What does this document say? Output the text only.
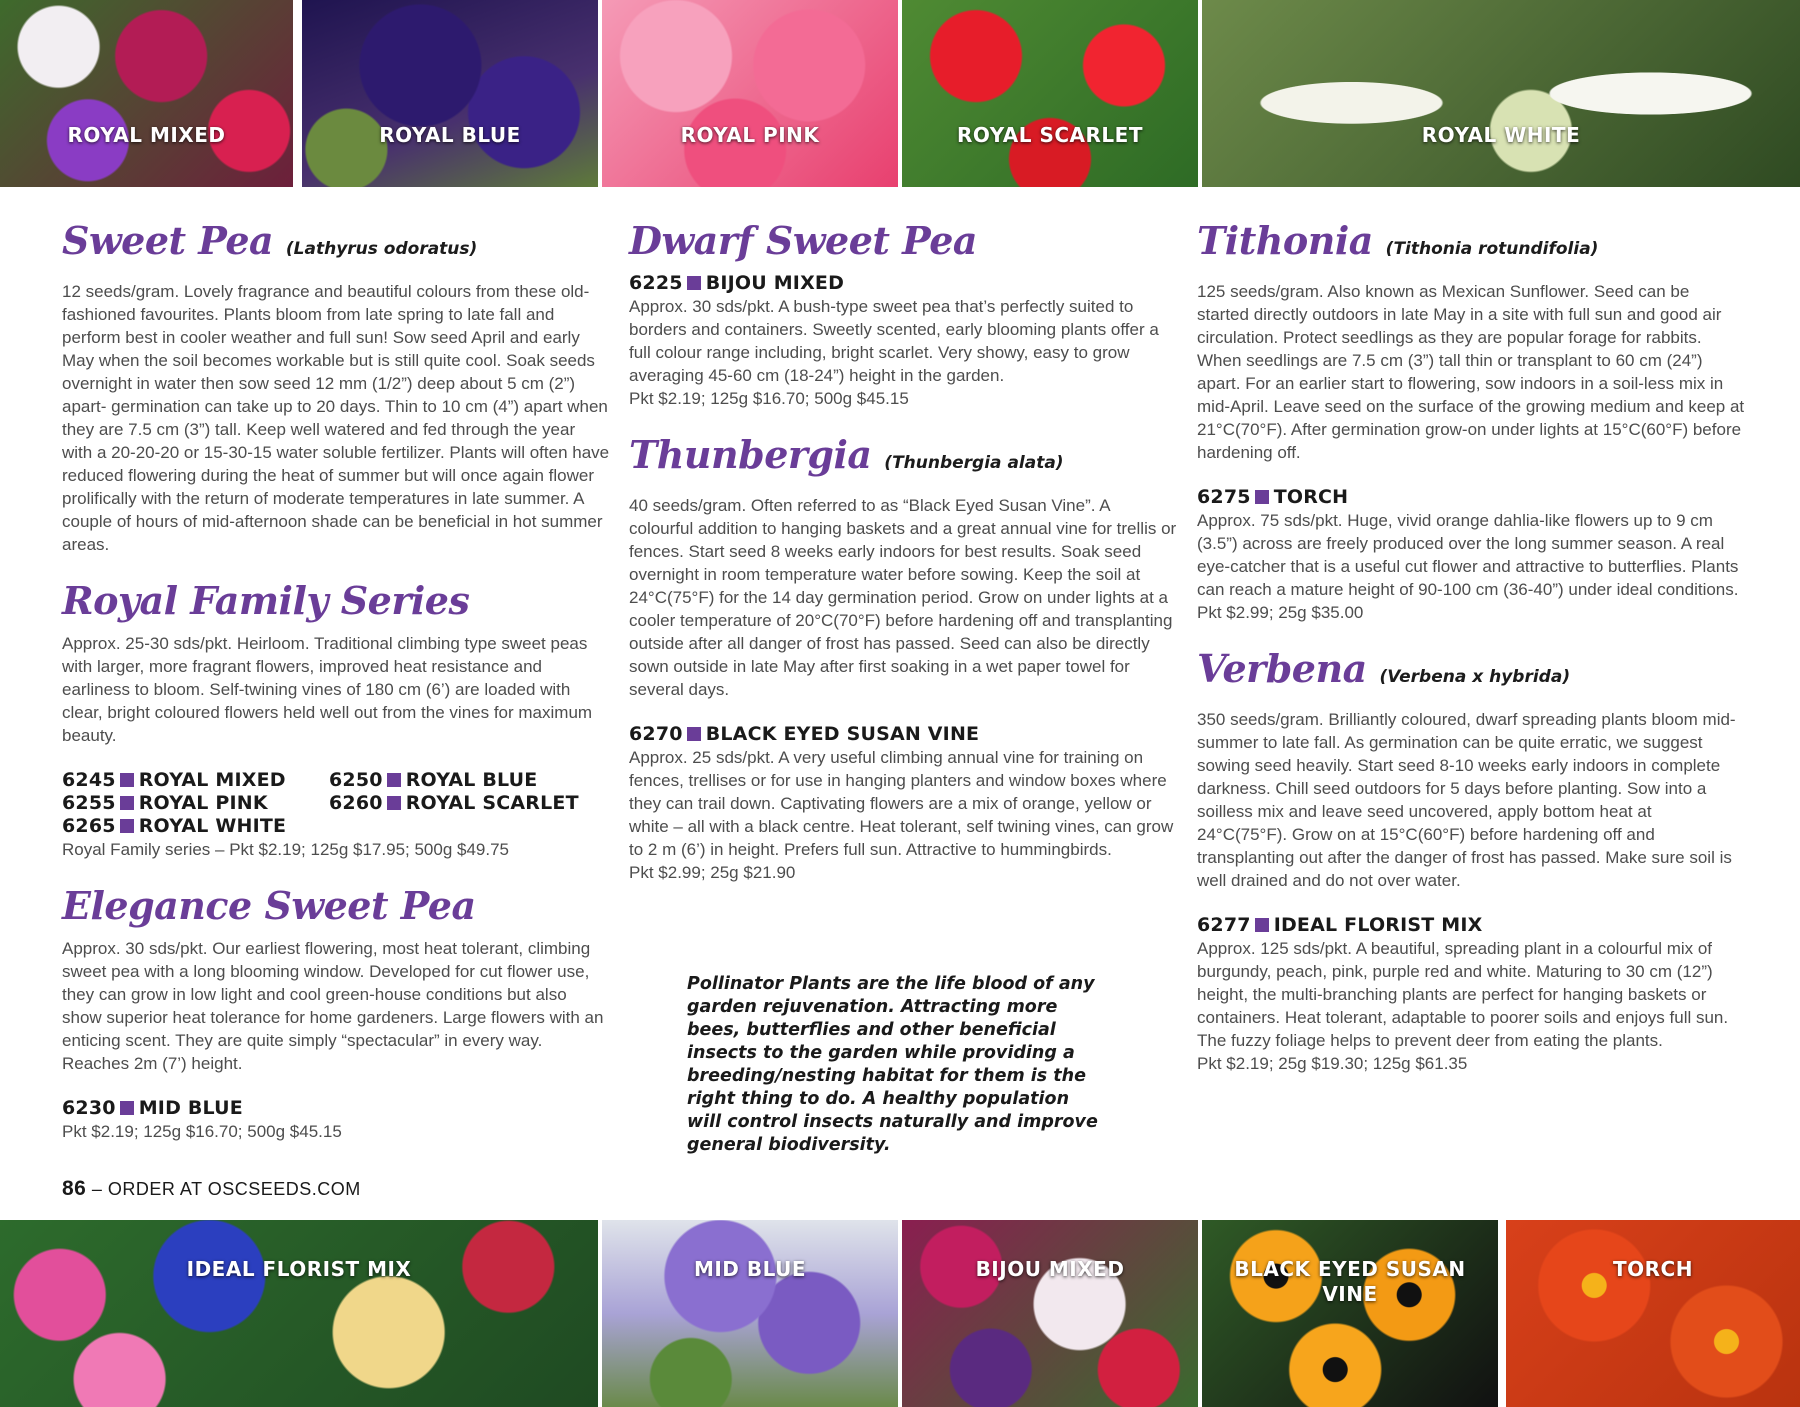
ROYAL MIXED	ROYAL BLUE	ROYAL PINK	ROYAL SCARLET	ROYAL WHITE
Sweet Pea (Lathyrus odoratus)

12 seeds/gram. Lovely fragrance and beautiful colours from these old-fashioned favourites. Plants bloom from late spring to late fall and perform best in cooler weather and full sun! Sow seed April and early May when the soil becomes workable but is still quite cool. Soak seeds overnight in water then sow seed 12 mm (1/2”) deep about 5 cm (2”) apart- germination can take up to 20 days. Thin to 10 cm (4”) apart when they are 7.5 cm (3”) tall. Keep well watered and fed through the year with a 20-20-20 or 15-30-15 water soluble fertilizer. Plants will often have reduced flowering during the heat of summer but will once again flower prolifically with the return of moderate temperatures in late summer. A couple of hours of mid-afternoon shade can be beneficial in hot summer areas.

Royal Family Series

Approx. 25-30 sds/pkt. Heirloom. Traditional climbing type sweet peas with larger, more fragrant flowers, improved heat resistance and earliness to bloom. Self-twining vines of 180 cm (6’) are loaded with clear, bright coloured flowers held well out from the vines for maximum beauty.

6245 ROYAL MIXED	6250 ROYAL BLUE
6255 ROYAL PINK	6260 ROYAL SCARLET
6265 ROYAL WHITE
Royal Family series – Pkt $2.19; 125g $17.95; 500g $49.75
Elegance Sweet Pea

Approx. 30 sds/pkt. Our earliest flowering, most heat tolerant, climbing sweet pea with a long blooming window. Developed for cut flower use, they can grow in low light and cool green-house conditions but also show superior heat tolerance for home gardeners. Large flowers with an enticing scent. They are quite simply “spectacular” in every way. Reaches 2m (7’) height.

6230 MID BLUE
Pkt $2.19; 125g $16.70; 500g $45.15
86 – ORDER AT OSCSEEDS.COM
Dwarf Sweet Pea
6225 BIJOU MIXED

Approx. 30 sds/pkt. A bush-type sweet pea that’s perfectly suited to borders and containers. Sweetly scented, early blooming plants offer a full colour range including, bright scarlet. Very showy, easy to grow averaging 45-60 cm (18-24”) height in the garden.

Pkt $2.19; 125g $16.70; 500g $45.15
Thunbergia (Thunbergia alata)

40 seeds/gram. Often referred to as “Black Eyed Susan Vine”. A colourful addition to hanging baskets and a great annual vine for trellis or fences. Start seed 8 weeks early indoors for best results. Soak seed overnight in room temperature water before sowing. Keep the soil at 24°C(75°F) for the 14 day germination period. Grow on under lights at a cooler temperature of 20°C(70°F) before hardening off and transplanting outside after all danger of frost has passed. Seed can also be directly sown outside in late May after first soaking in a wet paper towel for several days.

6270 BLACK EYED SUSAN VINE

Approx. 25 sds/pkt. A very useful climbing annual vine for training on fences, trellises or for use in hanging planters and window boxes where they can trail down. Captivating flowers are a mix of orange, yellow or white – all with a black centre. Heat tolerant, self twining vines, can grow to 2 m (6’) in height. Prefers full sun. Attractive to hummingbirds.

Pkt $2.99; 25g $21.90
Pollinator Plants are the life blood of any garden rejuvenation. Attracting more bees, butterflies and other beneficial insects to the garden while providing a breeding/nesting habitat for them is the right thing to do. A healthy population will control insects naturally and improve general biodiversity.
Tithonia (Tithonia rotundifolia)

125 seeds/gram. Also known as Mexican Sunflower. Seed can be started directly outdoors in late May in a site with full sun and good air circulation. Protect seedlings as they are popular forage for rabbits. When seedlings are 7.5 cm (3”) tall thin or transplant to 60 cm (24”) apart. For an earlier start to flowering, sow indoors in a soil-less mix in mid-April. Leave seed on the surface of the growing medium and keep at 21°C(70°F). After germination grow-on under lights at 15°C(60°F) before hardening off.

6275 TORCH

Approx. 75 sds/pkt. Huge, vivid orange dahlia-like flowers up to 9 cm (3.5”) across are freely produced over the long summer season. A real eye-catcher that is a useful cut flower and attractive to butterflies. Plants can reach a mature height of 90-100 cm (36-40”) under ideal conditions.

Pkt $2.99; 25g $35.00
Verbena (Verbena x hybrida)

350 seeds/gram. Brilliantly coloured, dwarf spreading plants bloom mid-summer to late fall. As germination can be quite erratic, we suggest sowing seed heavily. Start seed 8-10 weeks early indoors in complete darkness. Chill seed outdoors for 5 days before planting. Sow into a soilless mix and leave seed uncovered, apply bottom heat at 24°C(75°F). Grow on at 15°C(60°F) before hardening off and transplanting out after the danger of frost has passed. Make sure soil is well drained and do not over water.

6277 IDEAL FLORIST MIX

Approx. 125 sds/pkt. A beautiful, spreading plant in a colourful mix of burgundy, peach, pink, purple red and white. Maturing to 30 cm (12”) height, the multi-branching plants are perfect for hanging baskets or containers. Heat tolerant, adaptable to poorer soils and enjoys full sun. The fuzzy foliage helps to prevent deer from eating the plants.

Pkt $2.19; 25g $19.30; 125g $61.35
IDEAL FLORIST MIX	MID BLUE	BIJOU MIXED	BLACK EYED SUSAN VINE
TORCH
